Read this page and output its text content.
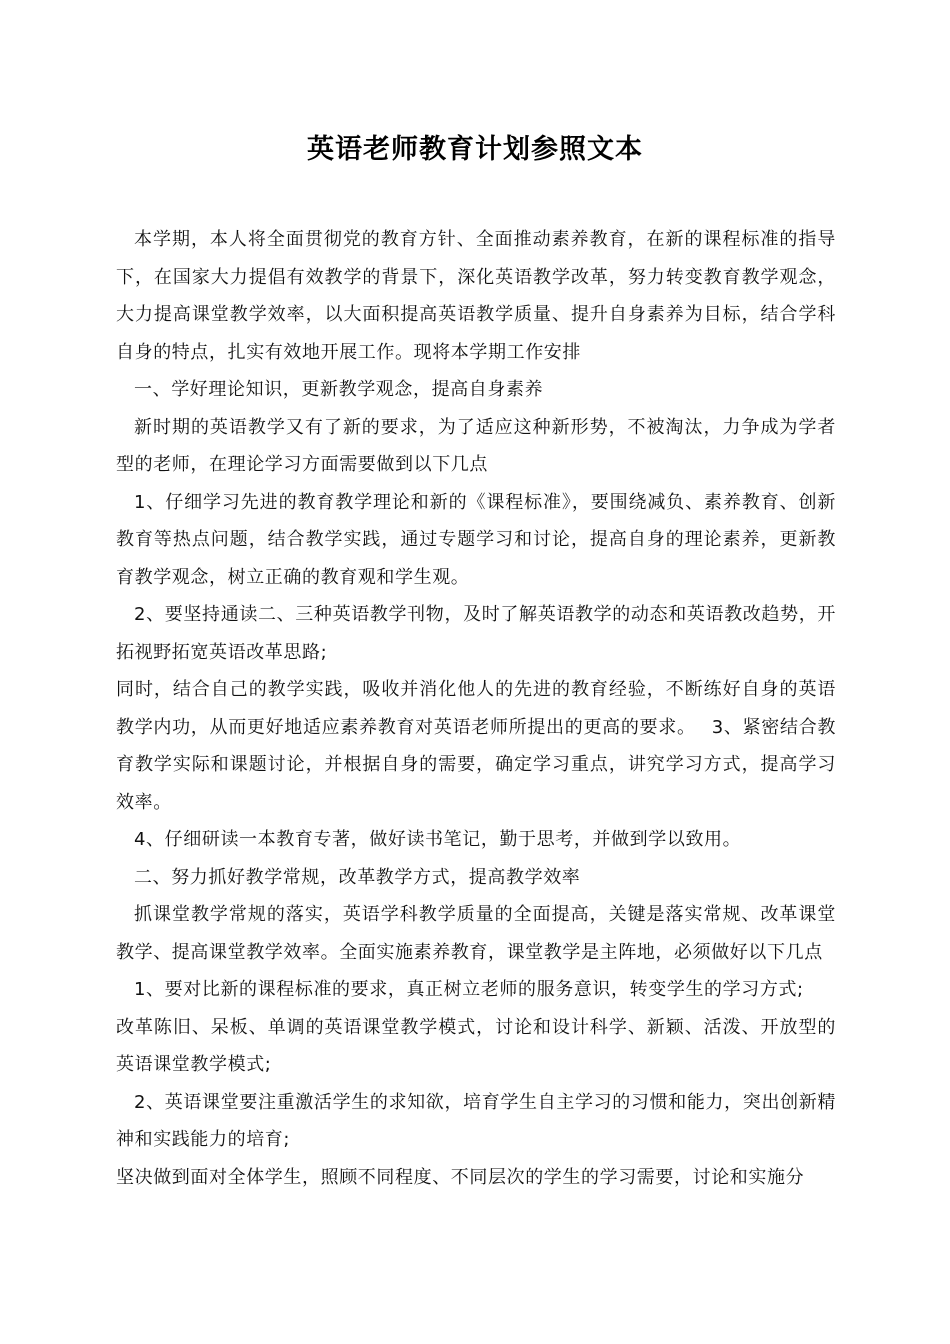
英语老师教育计划参照文本

本学期，本人将全面贯彻党的教育方针、全面推动素养教育，在新的课程标准的指导下，在国家大力提倡有效教学的背景下，深化英语教学改革，努力转变教育教学观念，大力提高课堂教学效率，以大面积提高英语教学质量、提升自身素养为目标，结合学科自身的特点，扎实有效地开展工作。现将本学期工作安排

一、学好理论知识，更新教学观念，提高自身素养

新时期的英语教学又有了新的要求，为了适应这种新形势，不被淘汰，力争成为学者型的老师，在理论学习方面需要做到以下几点

1、仔细学习先进的教育教学理论和新的《课程标准》，要围绕减负、素养教育、创新教育等热点问题，结合教学实践，通过专题学习和讨论，提高自身的理论素养，更新教育教学观念，树立正确的教育观和学生观。

2、要坚持通读二、三种英语教学刊物，及时了解英语教学的动态和英语教改趋势，开拓视野拓宽英语改革思路;

同时，结合自己的教学实践，吸收并消化他人的先进的教育经验，不断练好自身的英语教学内功，从而更好地适应素养教育对英语老师所提出的更高的要求。　 3、紧密结合教育教学实际和课题讨论，并根据自身的需要，确定学习重点，讲究学习方式，提高学习效率。

4、仔细研读一本教育专著，做好读书笔记，勤于思考，并做到学以致用。

二、努力抓好教学常规，改革教学方式，提高教学效率

抓课堂教学常规的落实，英语学科教学质量的全面提高，关键是落实常规、改革课堂教学、提高课堂教学效率。全面实施素养教育，课堂教学是主阵地，必须做好以下几点

1、要对比新的课程标准的要求，真正树立老师的服务意识，转变学生的学习方式;

改革陈旧、呆板、单调的英语课堂教学模式，讨论和设计科学、新颖、活泼、开放型的英语课堂教学模式;

2、英语课堂要注重激活学生的求知欲，培育学生自主学习的习惯和能力，突出创新精神和实践能力的培育;

坚决做到面对全体学生，照顾不同程度、不同层次的学生的学习需要，讨论和实施分
